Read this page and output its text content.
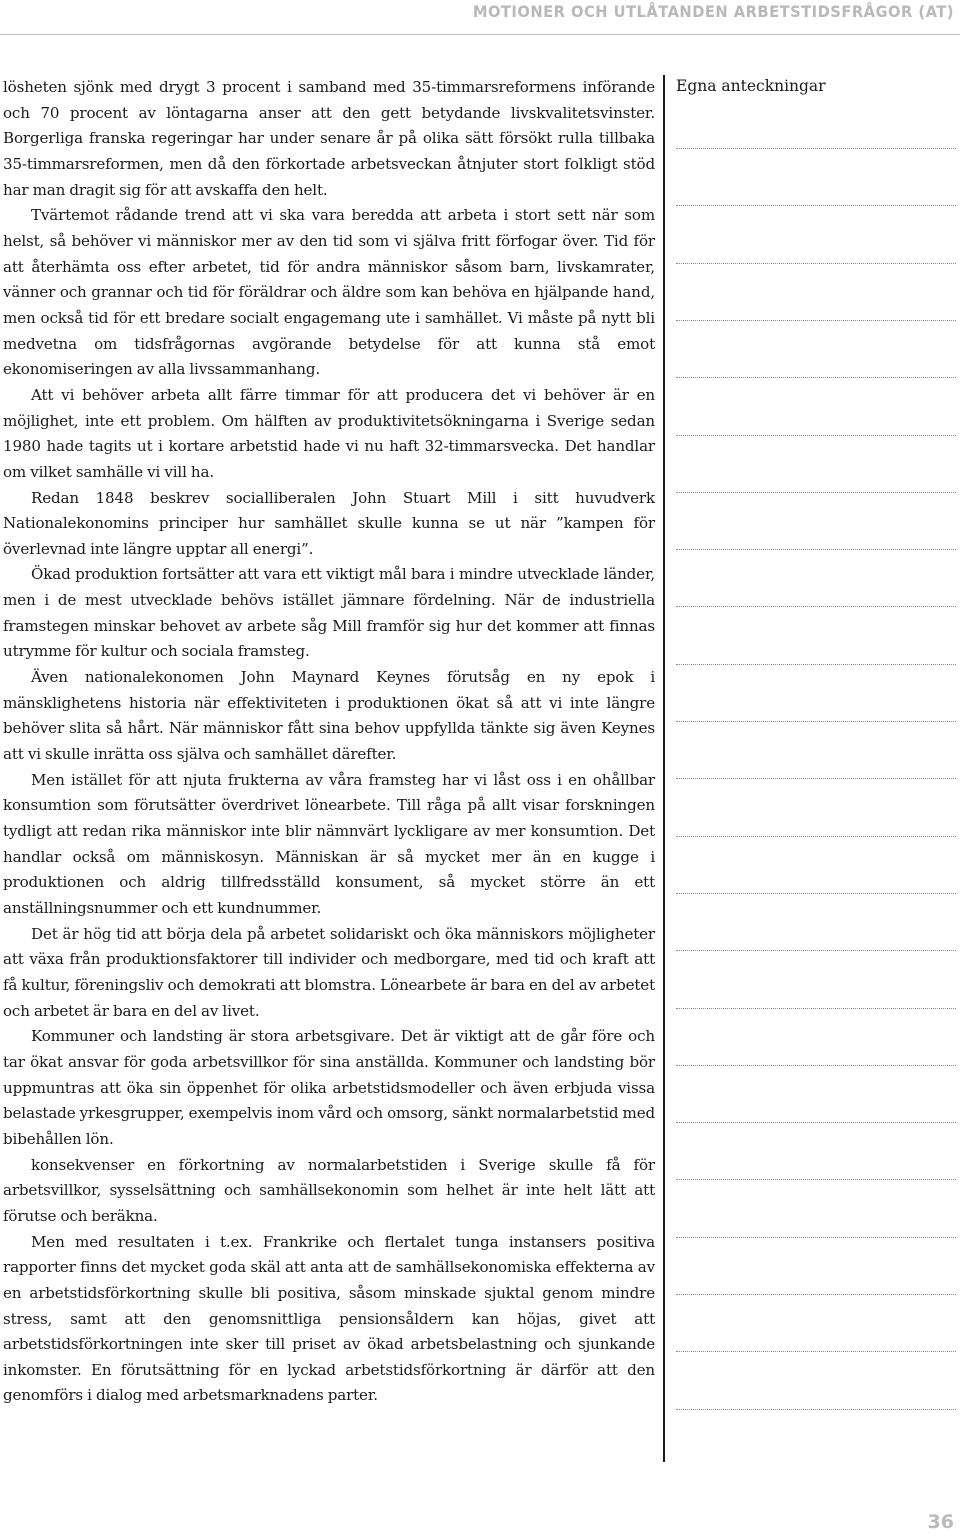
MOTIONER OCH UTLÅTANDEN ARBETSTIDSFRÅGOR (AT)

lösheten sjönk med drygt 3 procent i samband med 35-timmarsreformens införande och 70 procent av löntagarna anser att den gett betydande livskvalitetsvinster. Borgerliga franska regeringar har under senare år på olika sätt försökt rulla tillbaka 35-timmarsreformen, men då den förkortade arbetsveckan åtnjuter stort folkligt stöd har man dragit sig för att avskaffa den helt.

Tvärtemot rådande trend att vi ska vara beredda att arbeta i stort sett när som helst, så behöver vi människor mer av den tid som vi själva fritt förfogar över. Tid för att återhämta oss efter arbetet, tid för andra människor såsom barn, livskamrater, vänner och grannar och tid för föräldrar och äldre som kan behöva en hjälpande hand, men också tid för ett bredare socialt engagemang ute i samhället. Vi måste på nytt bli medvetna om tidsfrågornas avgörande betydelse för att kunna stå emot ekonomiseringen av alla livssammanhang.

Att vi behöver arbeta allt färre timmar för att producera det vi behöver är en möjlighet, inte ett problem. Om hälften av produktivitetsökningarna i Sverige sedan 1980 hade tagits ut i kortare arbetstid hade vi nu haft 32-timmarsvecka. Det handlar om vilket samhälle vi vill ha.

Redan 1848 beskrev socialliberalen John Stuart Mill i sitt huvudverk Nationalekonomins principer hur samhället skulle kunna se ut när ”kampen för överlevnad inte längre upptar all energi”.

Ökad produktion fortsätter att vara ett viktigt mål bara i mindre utvecklade länder, men i de mest utvecklade behövs istället jämnare fördelning. När de industriella framstegen minskar behovet av arbete såg Mill framför sig hur det kommer att finnas utrymme för kultur och sociala framsteg.

Även nationalekonomen John Maynard Keynes förutsåg en ny epok i mänsklighetens historia när effektiviteten i produktionen ökat så att vi inte längre behöver slita så hårt. När människor fått sina behov uppfyllda tänkte sig även Keynes att vi skulle inrätta oss själva och samhället därefter.

Men istället för att njuta frukterna av våra framsteg har vi låst oss i en ohållbar konsumtion som förutsätter överdrivet lönearbete. Till råga på allt visar forskningen tydligt att redan rika människor inte blir nämnvärt lyckligare av mer konsumtion. Det handlar också om människosyn. Människan är så mycket mer än en kugge i produktionen och aldrig tillfredsställd konsument, så mycket större än ett anställningsnummer och ett kundnummer.

Det är hög tid att börja dela på arbetet solidariskt och öka människors möjligheter att växa från produktionsfaktorer till individer och medborgare, med tid och kraft att få kultur, föreningsliv och demokrati att blomstra. Lönearbete är bara en del av arbetet och arbetet är bara en del av livet.

Kommuner och landsting är stora arbetsgivare. Det är viktigt att de går före och tar ökat ansvar för goda arbetsvillkor för sina anställda. Kommuner och landsting bör uppmuntras att öka sin öppenhet för olika arbetstidsmodeller och även erbjuda vissa belastade yrkesgrupper, exempelvis inom vård och omsorg, sänkt normalarbetstid med bibehållen lön.

konsekvenser en förkortning av normalarbetstiden i Sverige skulle få för arbetsvillkor, sysselsättning och samhällsekonomin som helhet är inte helt lätt att förutse och beräkna.

Men med resultaten i t.ex. Frankrike och flertalet tunga instansers positiva rapporter finns det mycket goda skäl att anta att de samhällsekonomiska effekterna av en arbetstidsförkortning skulle bli positiva, såsom minskade sjuktal genom mindre stress, samt att den genomsnittliga pensionsåldern kan höjas, givet att arbetstidsförkortningen inte sker till priset av ökad arbetsbelastning och sjunkande inkomster. En förutsättning för en lyckad arbetstidsförkortning är därför att den genomförs i dialog med arbetsmarknadens parter.

Egna anteckningar
36
